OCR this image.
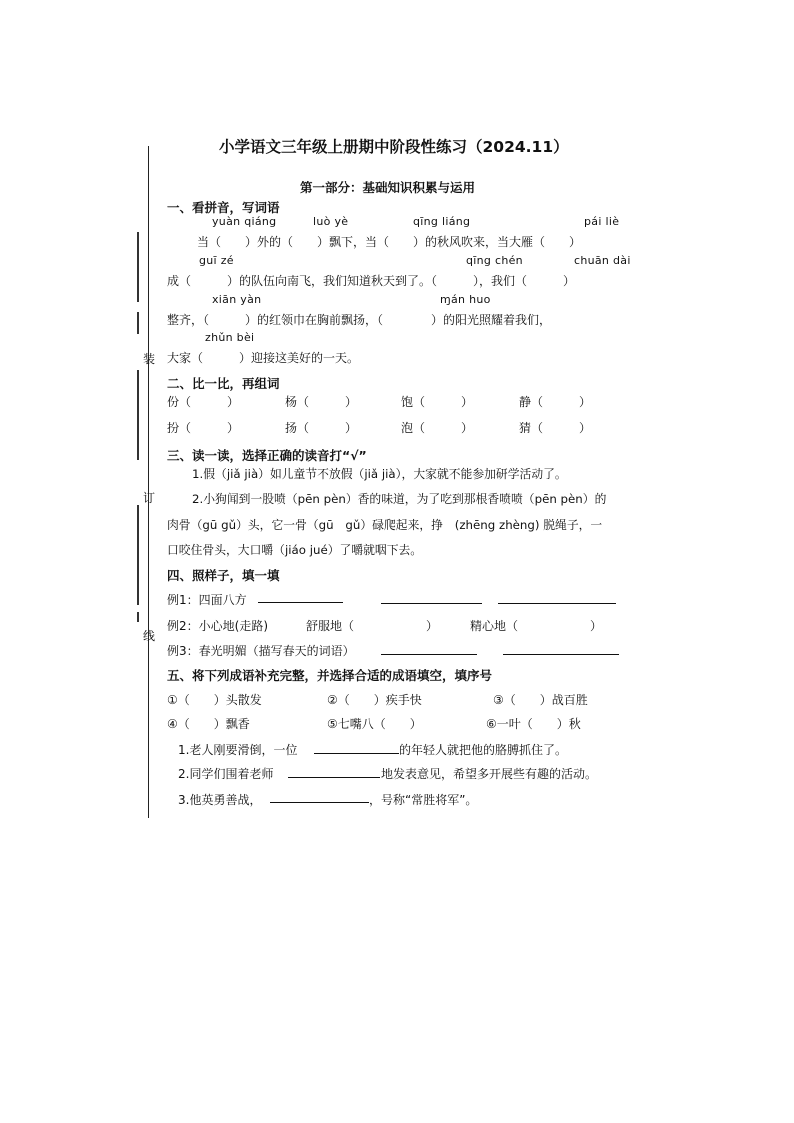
装
订
线
小学语文三年级上册期中阶段性练习（2024.11）
第一部分：基础知识积累与运用
一、看拼音，写词语
yuàn qiáng	luò yè	qīng liáng	pái liè
当（　　）外的（　　）飘下，当（　　）的秋风吹来，当大雁（　　）
guī zé	qīng chén	chuān dài
成（　　　）的队伍向南飞，我们知道秋天到了。（　　　），我们（　　　）
xiān yàn	ɱán huo
整齐，（　　　）的红领巾在胸前飘扬，（　　　　）的阳光照耀着我们，
zhǔn bèi
大家（　　　）迎接这美好的一天。
二、比一比，再组词
份（　　　）	杨（　　　）	饱（　　　）	静（　　　）
扮（　　　）	扬（　　　）	泡（　　　）	猜（　　　）
三、读一读，选择正确的读音打“√”
1.假（jiǎ jià）如儿童节不放假（jiǎ jià），大家就不能参加研学活动了。
2.小狗闻到一股喷（pēn pèn）香的味道，为了吃到那根香喷喷（pēn pèn）的
肉骨（gū gǔ）头，它一骨（gū　gǔ）碌爬起来，挣　(zhēng zhèng) 脱绳子，一
口咬住骨头，大口嚼（jiáo jué）了嚼就咽下去。
四、照样子，填一填
例1：四面八方
例2：小心地(走路)	舒服地（　　　　　　）	精心地（　　　　　　）
例3：春光明媚（描写春天的词语）
五、将下列成语补充完整，并选择合适的成语填空，填序号
①（　　）头散发	②（　　）疾手快	③（　　）战百胜
④（　　）飘香	⑤七嘴八（　　）	⑥一叶（　　）秋
1.老人刚要滑倒，一位	的年轻人就把他的胳膊抓住了。
2.同学们围着老师	地发表意见，希望多开展些有趣的活动。
3.他英勇善战，	，号称“常胜将军”。
